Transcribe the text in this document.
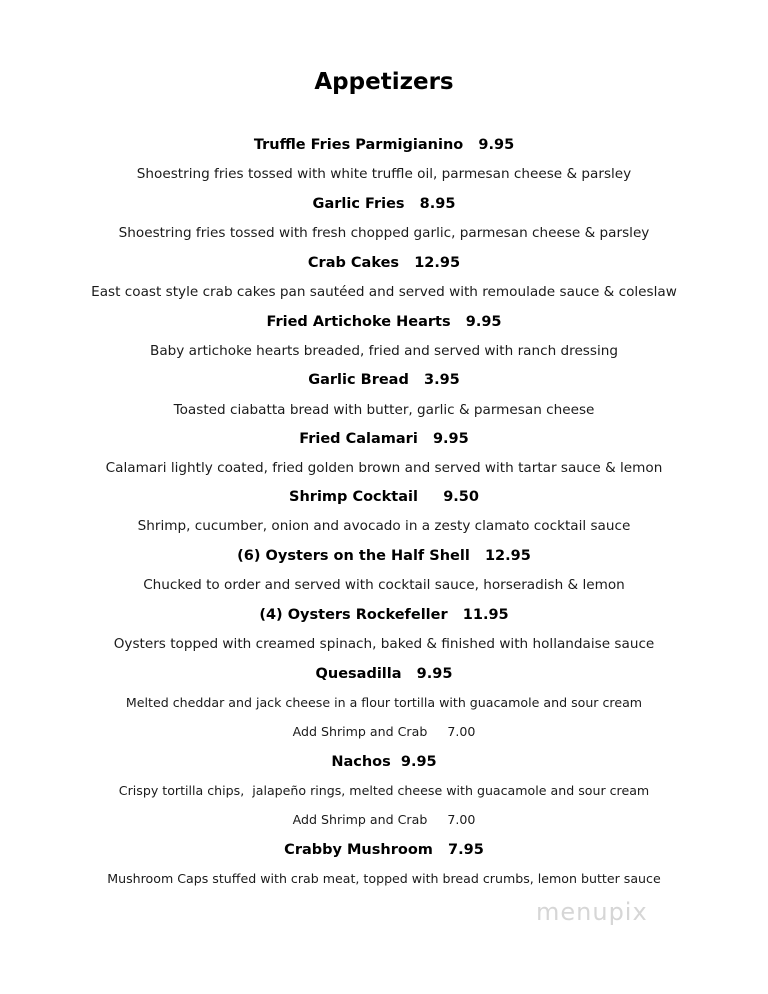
Appetizers
Truffle Fries Parmigianino   9.95
Shoestring fries tossed with white truffle oil, parmesan cheese & parsley
Garlic Fries   8.95
Shoestring fries tossed with fresh chopped garlic, parmesan cheese & parsley
Crab Cakes   12.95
East coast style crab cakes pan sautéed and served with remoulade sauce & coleslaw
Fried Artichoke Hearts   9.95
Baby artichoke hearts breaded, fried and served with ranch dressing
Garlic Bread   3.95
Toasted ciabatta bread with butter, garlic & parmesan cheese
Fried Calamari   9.95
Calamari lightly coated, fried golden brown and served with tartar sauce & lemon
Shrimp Cocktail     9.50
Shrimp, cucumber, onion and avocado in a zesty clamato cocktail sauce
(6) Oysters on the Half Shell   12.95
Chucked to order and served with cocktail sauce, horseradish & lemon
(4) Oysters Rockefeller   11.95
Oysters topped with creamed spinach, baked & finished with hollandaise sauce
Quesadilla   9.95
Melted cheddar and jack cheese in a flour tortilla with guacamole and sour cream
Add Shrimp and Crab     7.00
Nachos  9.95
Crispy tortilla chips,  jalapeño rings, melted cheese with guacamole and sour cream
Add Shrimp and Crab     7.00
Crabby Mushroom   7.95
Mushroom Caps stuffed with crab meat, topped with bread crumbs, lemon butter sauce
menupix
